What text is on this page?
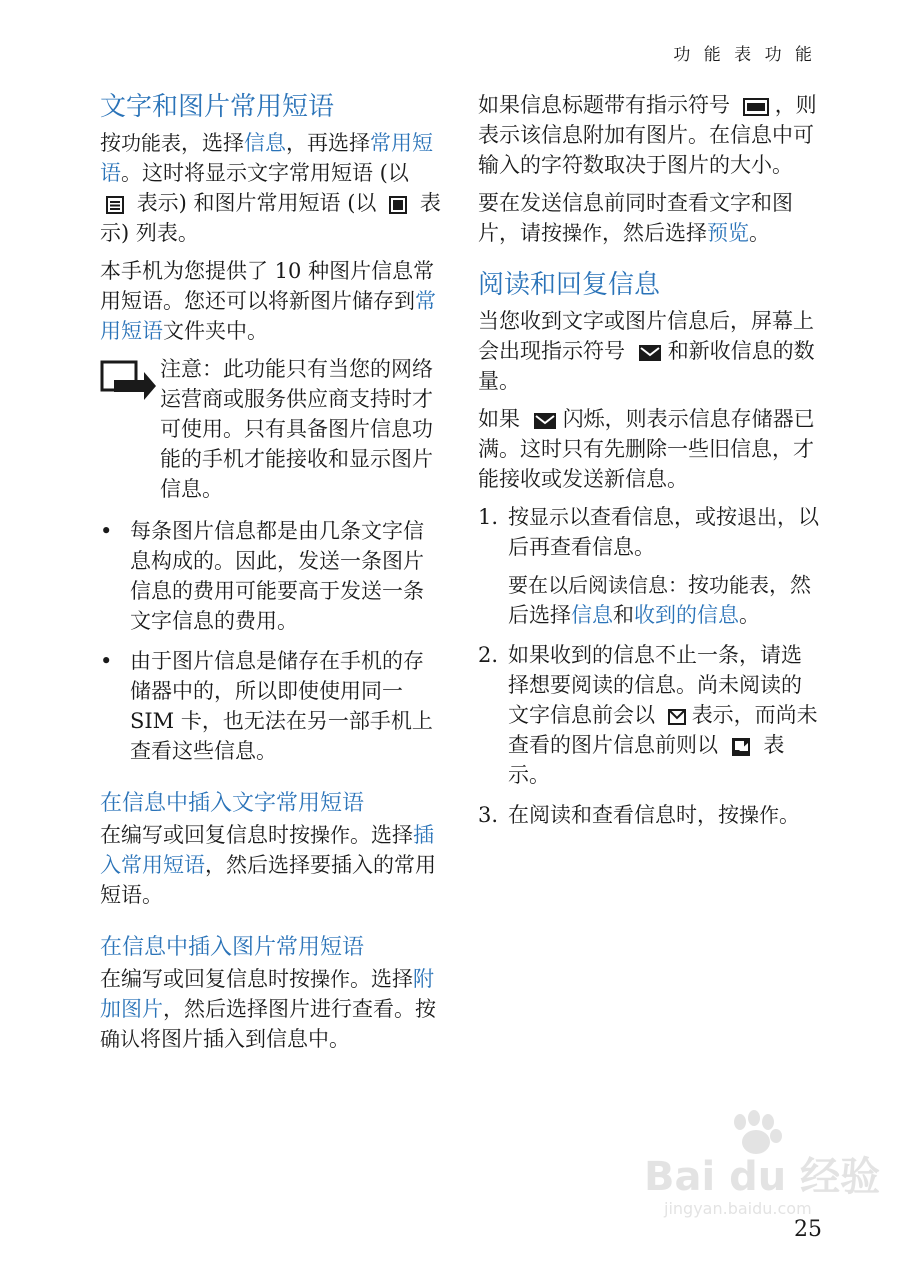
功 能 表 功 能
文字和图片常用短语

按功能表，选择信息，再选择常用短语。这时将显示文字常用短语 (以  表示) 和图片常用短语 (以 表示) 列表。

本手机为您提供了 10 种图片信息常用短语。您还可以将新图片储存到常用短语文件夹中。

注意：此功能只有当您的网络运营商或服务供应商支持时才可使用。只有具备图片信息功能的手机才能接收和显示图片信息。
• 每条图片信息都是由几条文字信息构成的。因此，发送一条图片信息的费用可能要高于发送一条文字信息的费用。
• 由于图片信息是储存在手机的存储器中的，所以即使使用同一 SIM 卡，也无法在另一部手机上查看这些信息。
在信息中插入文字常用短语

在编写或回复信息时按操作。选择插入常用短语，然后选择要插入的常用短语。

在信息中插入图片常用短语

在编写或回复信息时按操作。选择附加图片，然后选择图片进行查看。按确认将图片插入到信息中。

如果信息标题带有指示符号 ，则表示该信息附加有图片。在信息中可输入的字符数取决于图片的大小。

要在发送信息前同时查看文字和图片，请按操作，然后选择预览。

阅读和回复信息

当您收到文字或图片信息后，屏幕上会出现指示符号 和新收信息的数量。

如果 闪烁，则表示信息存储器已满。这时只有先删除一些旧信息，才能接收或发送新信息。

1. 按显示以查看信息，或按退出，以后再查看信息。
要在以后阅读信息：按功能表，然后选择信息和收到的信息。
2. 如果收到的信息不止一条，请选择想要阅读的信息。尚未阅读的文字信息前会以 表示，而尚未查看的图片信息前则以 表示。
3. 在阅读和查看信息时，按操作。
Bai du 经验
jingyan.baidu.com
25
